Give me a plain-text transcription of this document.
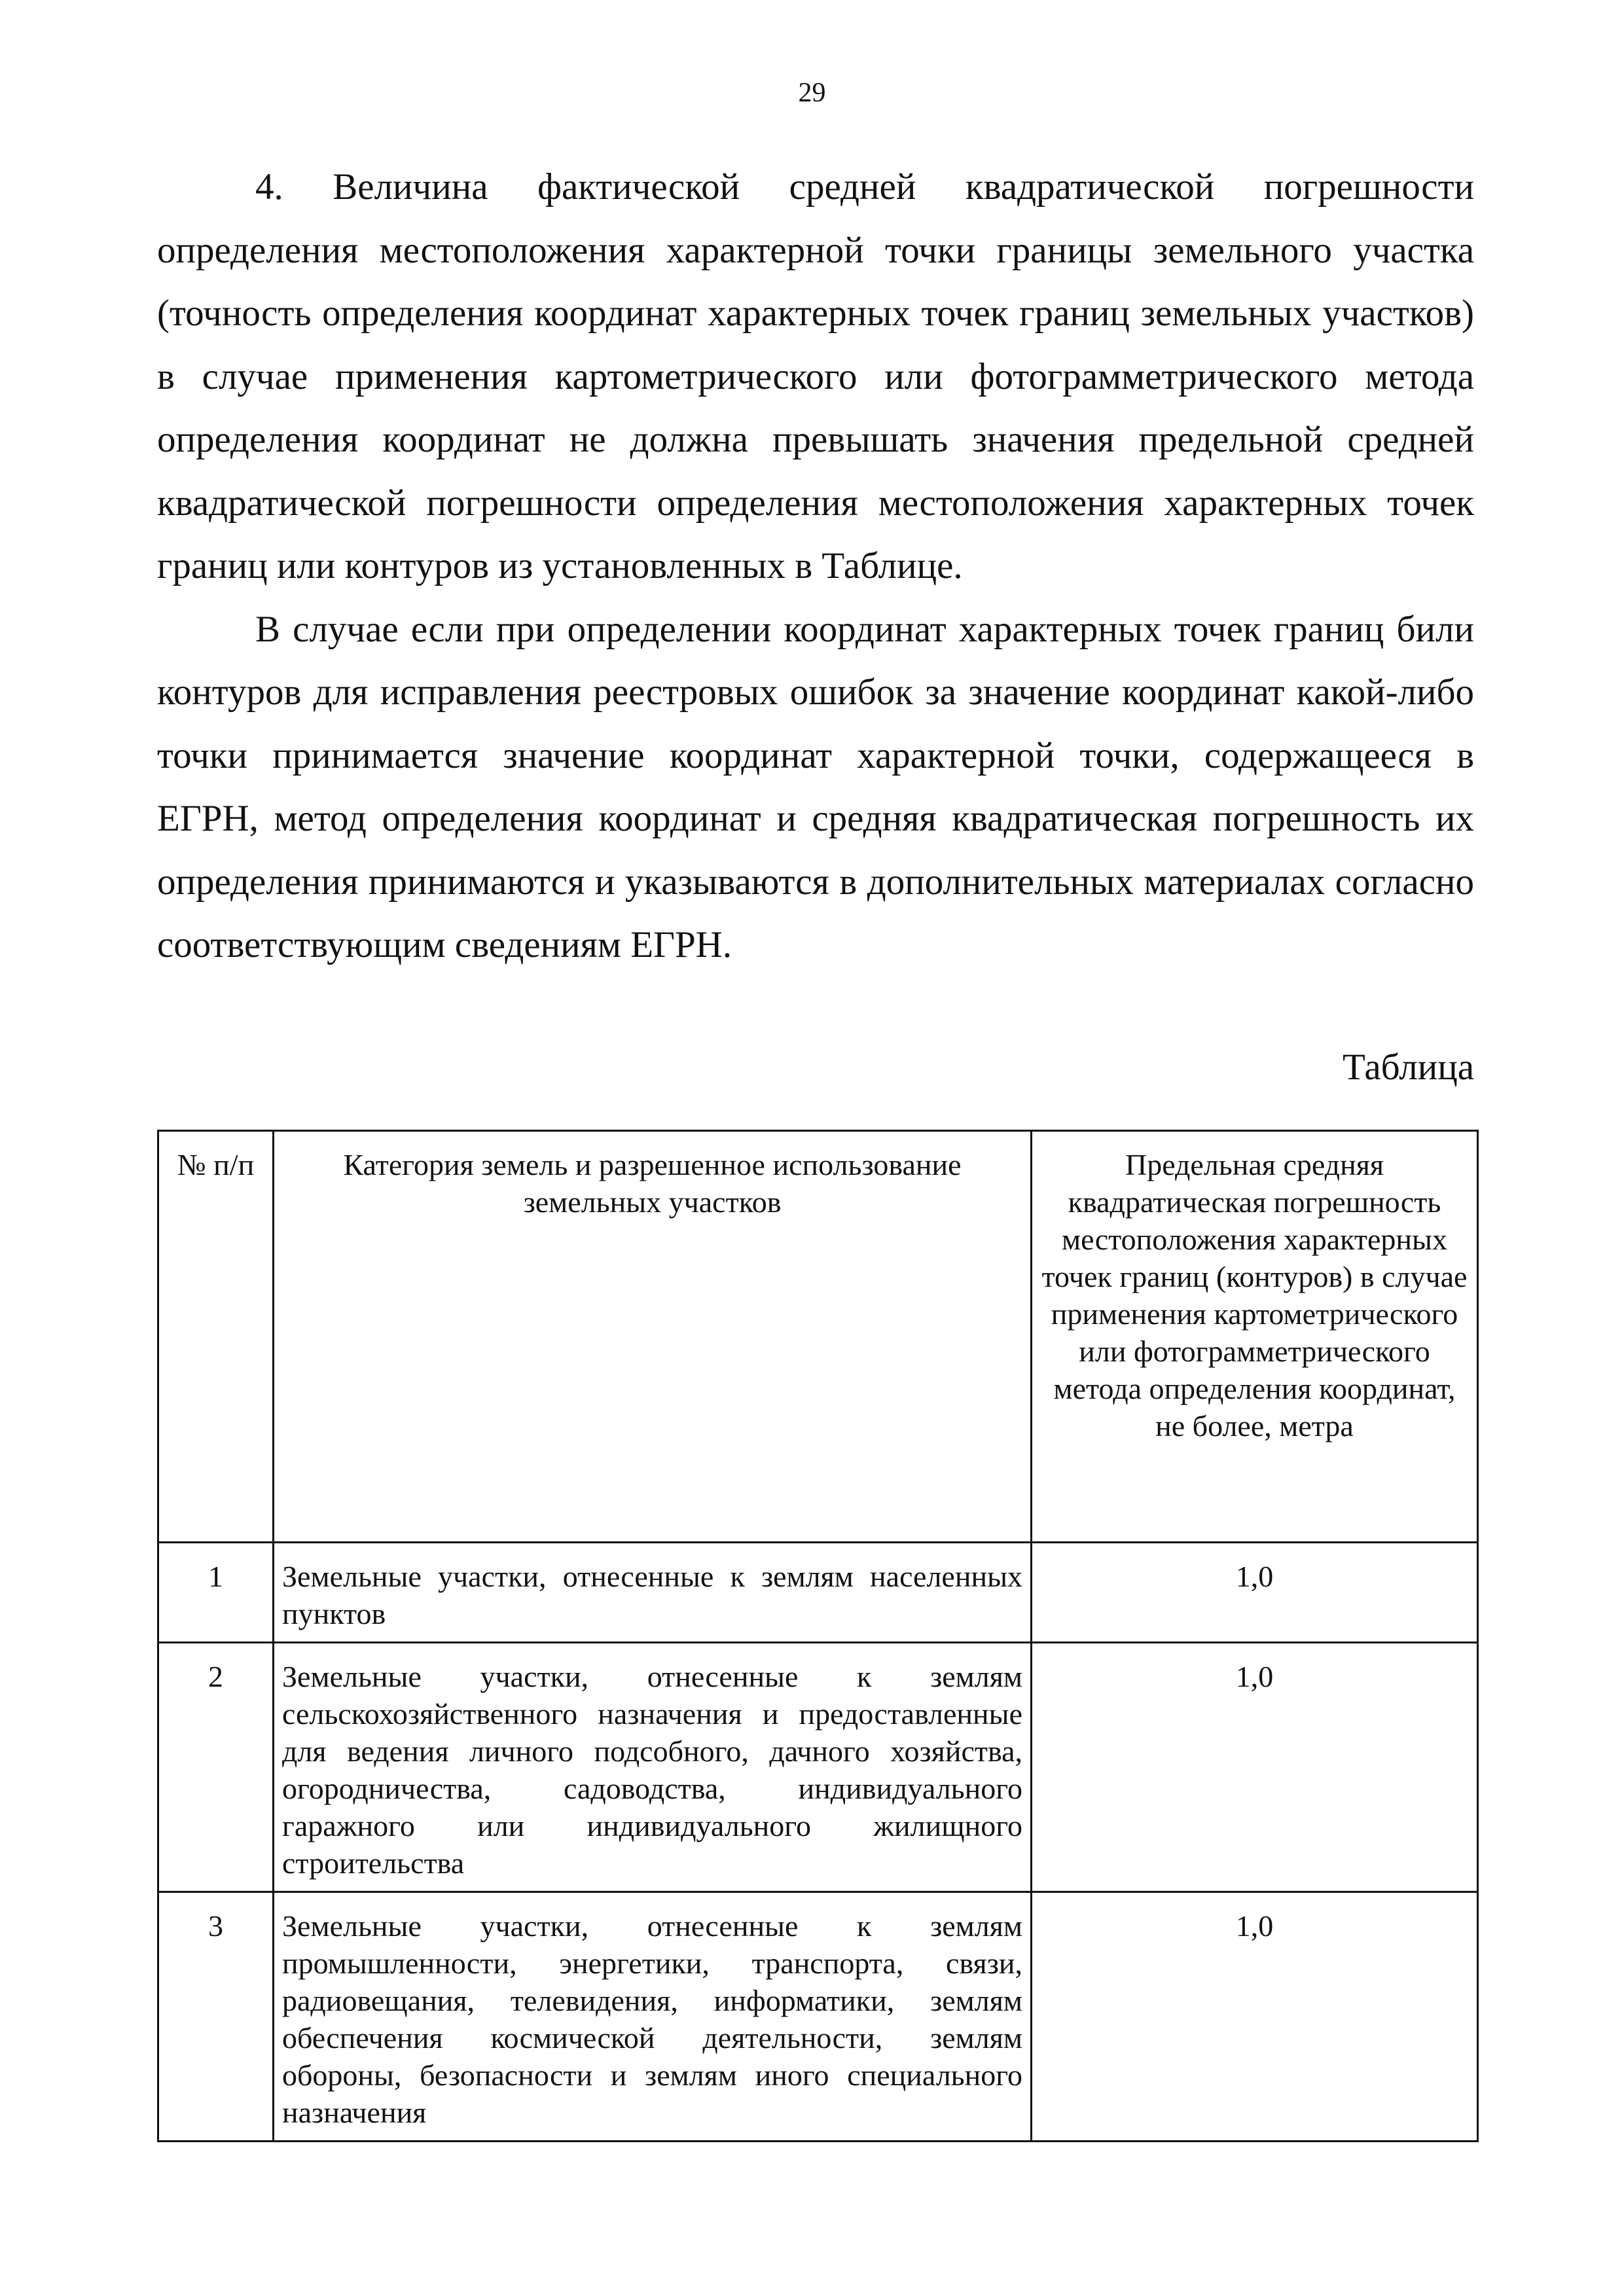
29

4. Величина фактической средней квадратической погрешности определения местоположения характерной точки границы земельного участка (точность определения координат характерных точек границ земельных участков) в случае применения картометрического или фотограмметрического метода определения координат не должна превышать значения предельной средней квадратической погрешности определения местоположения характерных точек границ или контуров из установленных в Таблице.

В случае если при определении координат характерных точек границ били контуров для исправления реестровых ошибок за значение координат какой-либо точки принимается значение координат характерной точки, содержащееся в ЕГРН, метод определения координат и средняя квадратическая погрешность их определения принимаются и указываются в дополнительных материалах согласно соответствующим сведениям ЕГРН.

Таблица
№ п/п	Категория земель и разрешенное использование земельных участков	Предельная средняя квадратическая погрешность местоположения характерных точек границ (контуров) в случае применения картометрического или фотограмметрического метода определения координат, не более, метра
1	Земельные участки, отнесенные к землям населенных пунктов	1,0
2	Земельные участки, отнесенные к землям сельскохозяйственного назначения и предоставленные для ведения личного подсобного, дачного хозяйства, огородничества, садоводства, индивидуального гаражного или индивидуального жилищного строительства	1,0
3	Земельные участки, отнесенные к землям промышленности, энергетики, транспорта, связи, радиовещания, телевидения, информатики, землям обеспечения космической деятельности, землям обороны, безопасности и землям иного специального назначения	1,0
